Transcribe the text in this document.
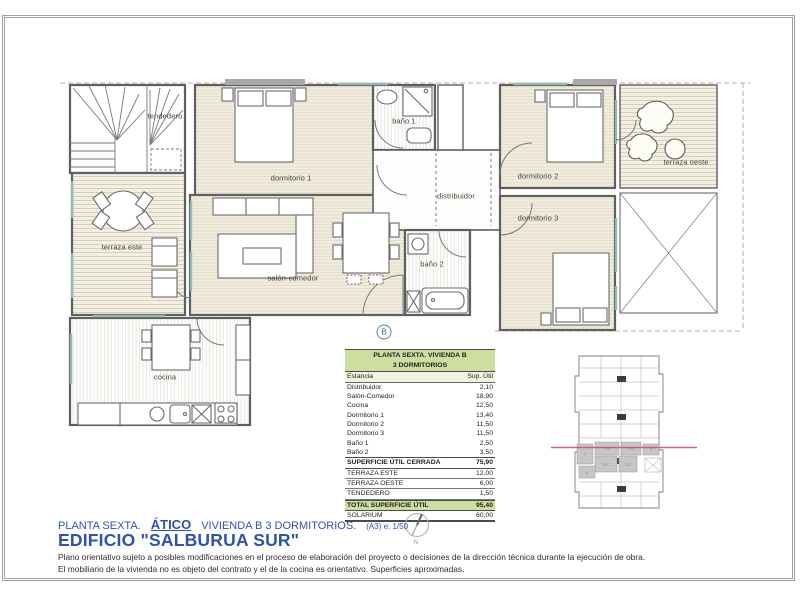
tendedero
dormitorio 1
baño 1
dormitorio 2
terraza oeste
terraza este
distribuidor
dormitorio 3
salón-comedor
baño 2
cocina
B
PLANTA SEXTA. VIVIENDA B
3 DORMITORIOS
Estancia	Sup. Útil
Distribuidor	2,10
Salón-Comedor	18,90
Cocina	12,50
Dormitorio 1	13,40
Dormitorio 2	11,50
Dormitorio 3	11,50
Baño 1	2,50
Baño 2	3,50
SUPERFICIE ÚTIL CERRADA	75,90
TERRAZA ESTE	12,00
TERRAZA OESTE	6,00
TENDEDERO	1,50
TOTAL SUPERFICIE ÚTIL	95,40
SOLARIUM	60,00
T
D1	D2	T
S-C	D3
K
N
PLANTA SEXTA. ÁTICO VIVIENDA B 3 DORMITORIOS. (A3) e: 1/50
EDIFICIO "SALBURUA SUR"
Plano orientativo sujeto a posibles modificaciones en el proceso de elaboración del proyecto o decisiones de la dirección técnica durante la ejecución de obra.
El mobiliario de la vivienda no es objeto del contrato y el de la cocina es orientativo. Superficies aproximadas.
